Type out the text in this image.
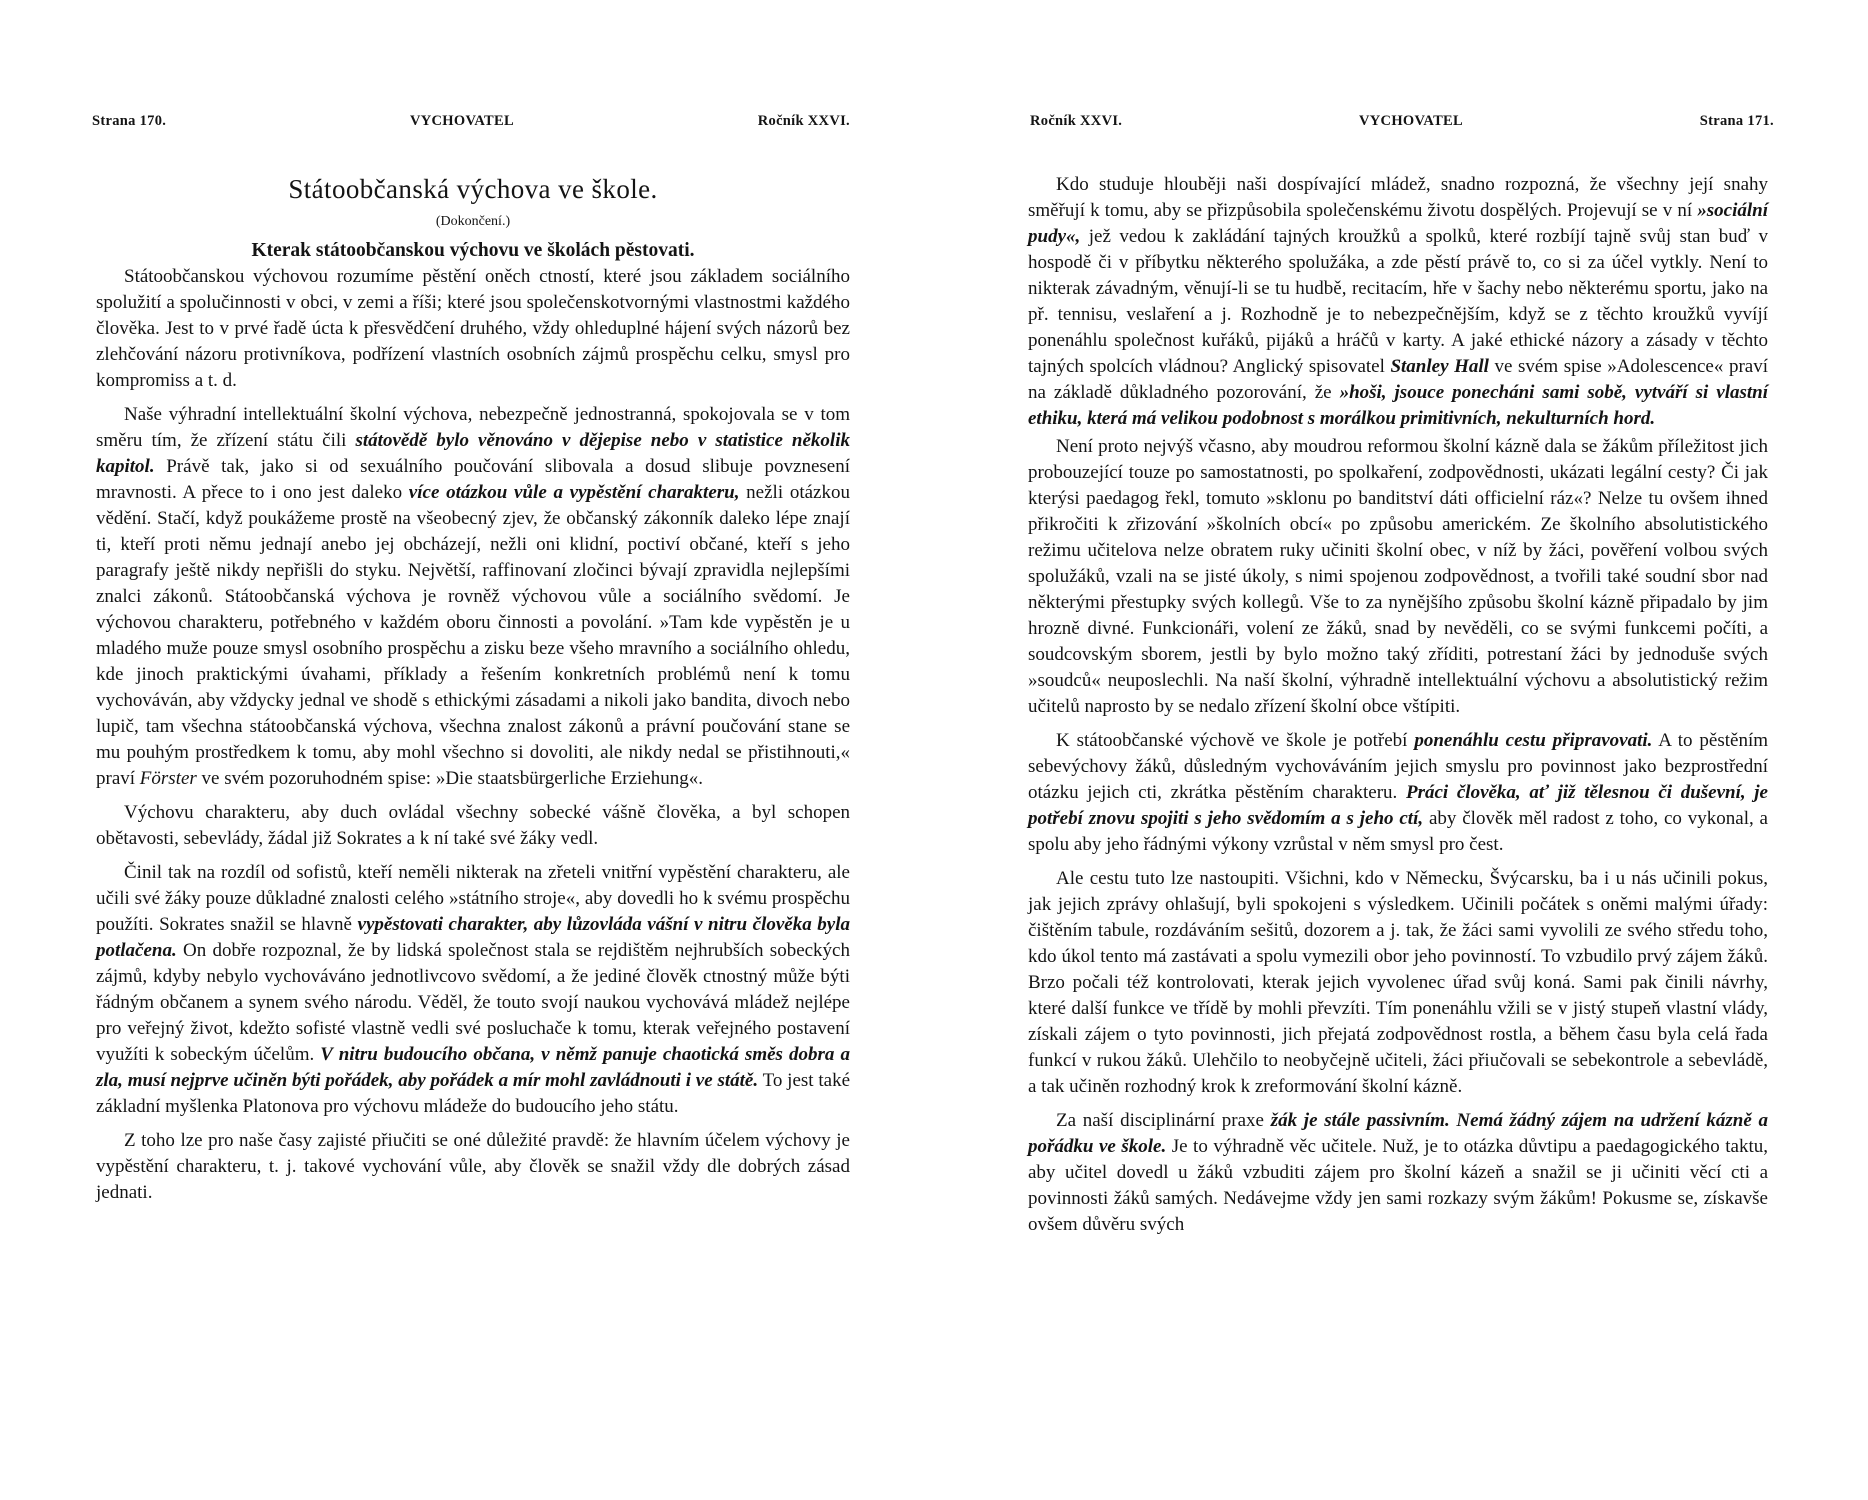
Strana 170.	VYCHOVATEL	Ročník XXVI.
Státoobčanská výchova ve škole.
(Dokončení.)
Kterak státoobčanskou výchovu ve školách pěstovati.

Státoobčanskou výchovou rozumíme pěstění oněch ctností, které jsou základem sociálního spolužití a spolučinnosti v obci, v zemi a říši; které jsou společenskotvornými vlastnostmi každého člověka. Jest to v prvé řadě úcta k přesvědčení druhého, vždy ohleduplné hájení svých názorů bez zlehčování názoru protivníkova, podřízení vlastních osobních zájmů prospěchu celku, smysl pro kompromiss a t. d.

Naše výhradní intellektuální školní výchova, nebezpečně jednostranná, spokojovala se v tom směru tím, že zřízení státu čili státovědě bylo věnováno v dějepise nebo v statistice několik kapitol. Právě tak, jako si od sexuálního poučování slibovala a dosud slibuje povznesení mravnosti. A přece to i ono jest daleko více otázkou vůle a vypěstění charakteru, nežli otázkou vědění. Stačí, když poukážeme prostě na všeobecný zjev, že občanský zákonník daleko lépe znají ti, kteří proti němu jednají anebo jej obcházejí, nežli oni klidní, poctiví občané, kteří s jeho paragrafy ještě nikdy nepřišli do styku. Největší, raffinovaní zločinci bývají zpravidla nejlepšími znalci zákonů. Státoobčanská výchova je rovněž výchovou vůle a sociálního svědomí. Je výchovou charakteru, potřebného v každém oboru činnosti a povolání. »Tam kde vypěstěn je u mladého muže pouze smysl osobního prospěchu a zisku beze všeho mravního a sociálního ohledu, kde jinoch praktickými úvahami, příklady a řešením konkretních problémů není k tomu vychováván, aby vždycky jednal ve shodě s ethickými zásadami a nikoli jako bandita, divoch nebo lupič, tam všechna státoobčanská výchova, všechna znalost zákonů a právní poučování stane se mu pouhým prostředkem k tomu, aby mohl všechno si dovoliti, ale nikdy nedal se přistihnouti,« praví Förster ve svém pozoruhodném spise: »Die staatsbürgerliche Erziehung«.

Výchovu charakteru, aby duch ovládal všechny sobecké vášně člověka, a byl schopen obětavosti, sebevlády, žádal již Sokrates a k ní také své žáky vedl.

Činil tak na rozdíl od sofistů, kteří neměli nikterak na zřeteli vnitřní vypěstění charakteru, ale učili své žáky pouze důkladné znalosti celého »státního stroje«, aby dovedli ho k svému prospěchu použíti. Sokrates snažil se hlavně vypěstovati charakter, aby lůzovláda vášní v nitru člověka byla potlačena. On dobře rozpoznal, že by lidská společnost stala se rejdištěm nejhrubších sobeckých zájmů, kdyby nebylo vychováváno jednotlivcovo svědomí, a že jediné člověk ctnostný může býti řádným občanem a synem svého národu. Věděl, že touto svojí naukou vychovává mládež nejlépe pro veřejný život, kdežto sofisté vlastně vedli své posluchače k tomu, kterak veřejného postavení využíti k sobeckým účelům. V nitru budoucího občana, v němž panuje chaotická směs dobra a zla, musí nejprve učiněn býti pořádek, aby pořádek a mír mohl zavládnouti i ve státě. To jest také základní myšlenka Platonova pro výchovu mládeže do budoucího jeho státu.

Z toho lze pro naše časy zajisté přiučiti se oné důležité pravdě: že hlavním účelem výchovy je vypěstění charakteru, t. j. takové vychování vůle, aby člověk se snažil vždy dle dobrých zásad jednati.

Ročník XXVI.	VYCHOVATEL	Strana 171.

Kdo studuje hlouběji naši dospívající mládež, snadno rozpozná, že všechny její snahy směřují k tomu, aby se přizpůsobila společenskému životu dospělých. Projevují se v ní »sociální pudy«, jež vedou k zakládání tajných kroužků a spolků, které rozbíjí tajně svůj stan buď v hospodě či v příbytku některého spolužáka, a zde pěstí právě to, co si za účel vytkly. Není to nikterak závadným, věnují-li se tu hudbě, recitacím, hře v šachy nebo některému sportu, jako na př. tennisu, veslaření a j. Rozhodně je to nebezpečnějším, když se z těchto kroužků vyvíjí ponenáhlu společnost kuřáků, pijáků a hráčů v karty. A jaké ethické názory a zásady v těchto tajných spolcích vládnou? Anglický spisovatel Stanley Hall ve svém spise »Adolescence« praví na základě důkladného pozorování, že »hoši, jsouce ponecháni sami sobě, vytváří si vlastní ethiku, která má velikou podobnost s morálkou primitivních, nekulturních hord.

Není proto nejvýš včasno, aby moudrou reformou školní kázně dala se žákům příležitost jich probouzející touze po samostatnosti, po spolkaření, zodpovědnosti, ukázati legální cesty? Či jak kterýsi paedagog řekl, tomuto »sklonu po banditství dáti officielní ráz«? Nelze tu ovšem ihned přikročiti k zřizování »školních obcí« po způsobu americkém. Ze školního absolutistického režimu učitelova nelze obratem ruky učiniti školní obec, v níž by žáci, pověření volbou svých spolužáků, vzali na se jisté úkoly, s nimi spojenou zodpovědnost, a tvořili také soudní sbor nad některými přestupky svých kollegů. Vše to za nynějšího způsobu školní kázně připadalo by jim hrozně divné. Funkcionáři, volení ze žáků, snad by nevěděli, co se svými funkcemi počíti, a soudcovským sborem, jestli by bylo možno taký zříditi, potrestaní žáci by jednoduše svých »soudců« neuposlechli. Na naší školní, výhradně intellektuální výchovu a absolutistický režim učitelů naprosto by se nedalo zřízení školní obce vštípiti.

K státoobčanské výchově ve škole je potřebí ponenáhlu cestu připravovati. A to pěstěním sebevýchovy žáků, důsledným vychováváním jejich smyslu pro povinnost jako bezprostřední otázku jejich cti, zkrátka pěstěním charakteru. Práci člověka, ať již tělesnou či duševní, je potřebí znovu spojiti s jeho svědomím a s jeho ctí, aby člověk měl radost z toho, co vykonal, a spolu aby jeho řádnými výkony vzrůstal v něm smysl pro čest.

Ale cestu tuto lze nastoupiti. Všichni, kdo v Německu, Švýcarsku, ba i u nás učinili pokus, jak jejich zprávy ohlašují, byli spokojeni s výsledkem. Učinili počátek s oněmi malými úřady: čištěním tabule, rozdáváním sešitů, dozorem a j. tak, že žáci sami vyvolili ze svého středu toho, kdo úkol tento má zastávati a spolu vymezili obor jeho povinností. To vzbudilo prvý zájem žáků. Brzo počali též kontrolovati, kterak jejich vyvolenec úřad svůj koná. Sami pak činili návrhy, které další funkce ve třídě by mohli převzíti. Tím ponenáhlu vžili se v jistý stupeň vlastní vlády, získali zájem o tyto povinnosti, jich přejatá zodpovědnost rostla, a během času byla celá řada funkcí v rukou žáků. Ulehčilo to neobyčejně učiteli, žáci přiučovali se sebekontrole a sebevládě, a tak učiněn rozhodný krok k zreformování školní kázně.

Za naší disciplinární praxe žák je stále passivním. Nemá žádný zájem na udržení kázně a pořádku ve škole. Je to výhradně věc učitele. Nuž, je to otázka důvtipu a paedagogického taktu, aby učitel dovedl u žáků vzbuditi zájem pro školní kázeň a snažil se ji učiniti věcí cti a povinnosti žáků samých. Nedávejme vždy jen sami rozkazy svým žákům! Pokusme se, získavše ovšem důvěru svých
